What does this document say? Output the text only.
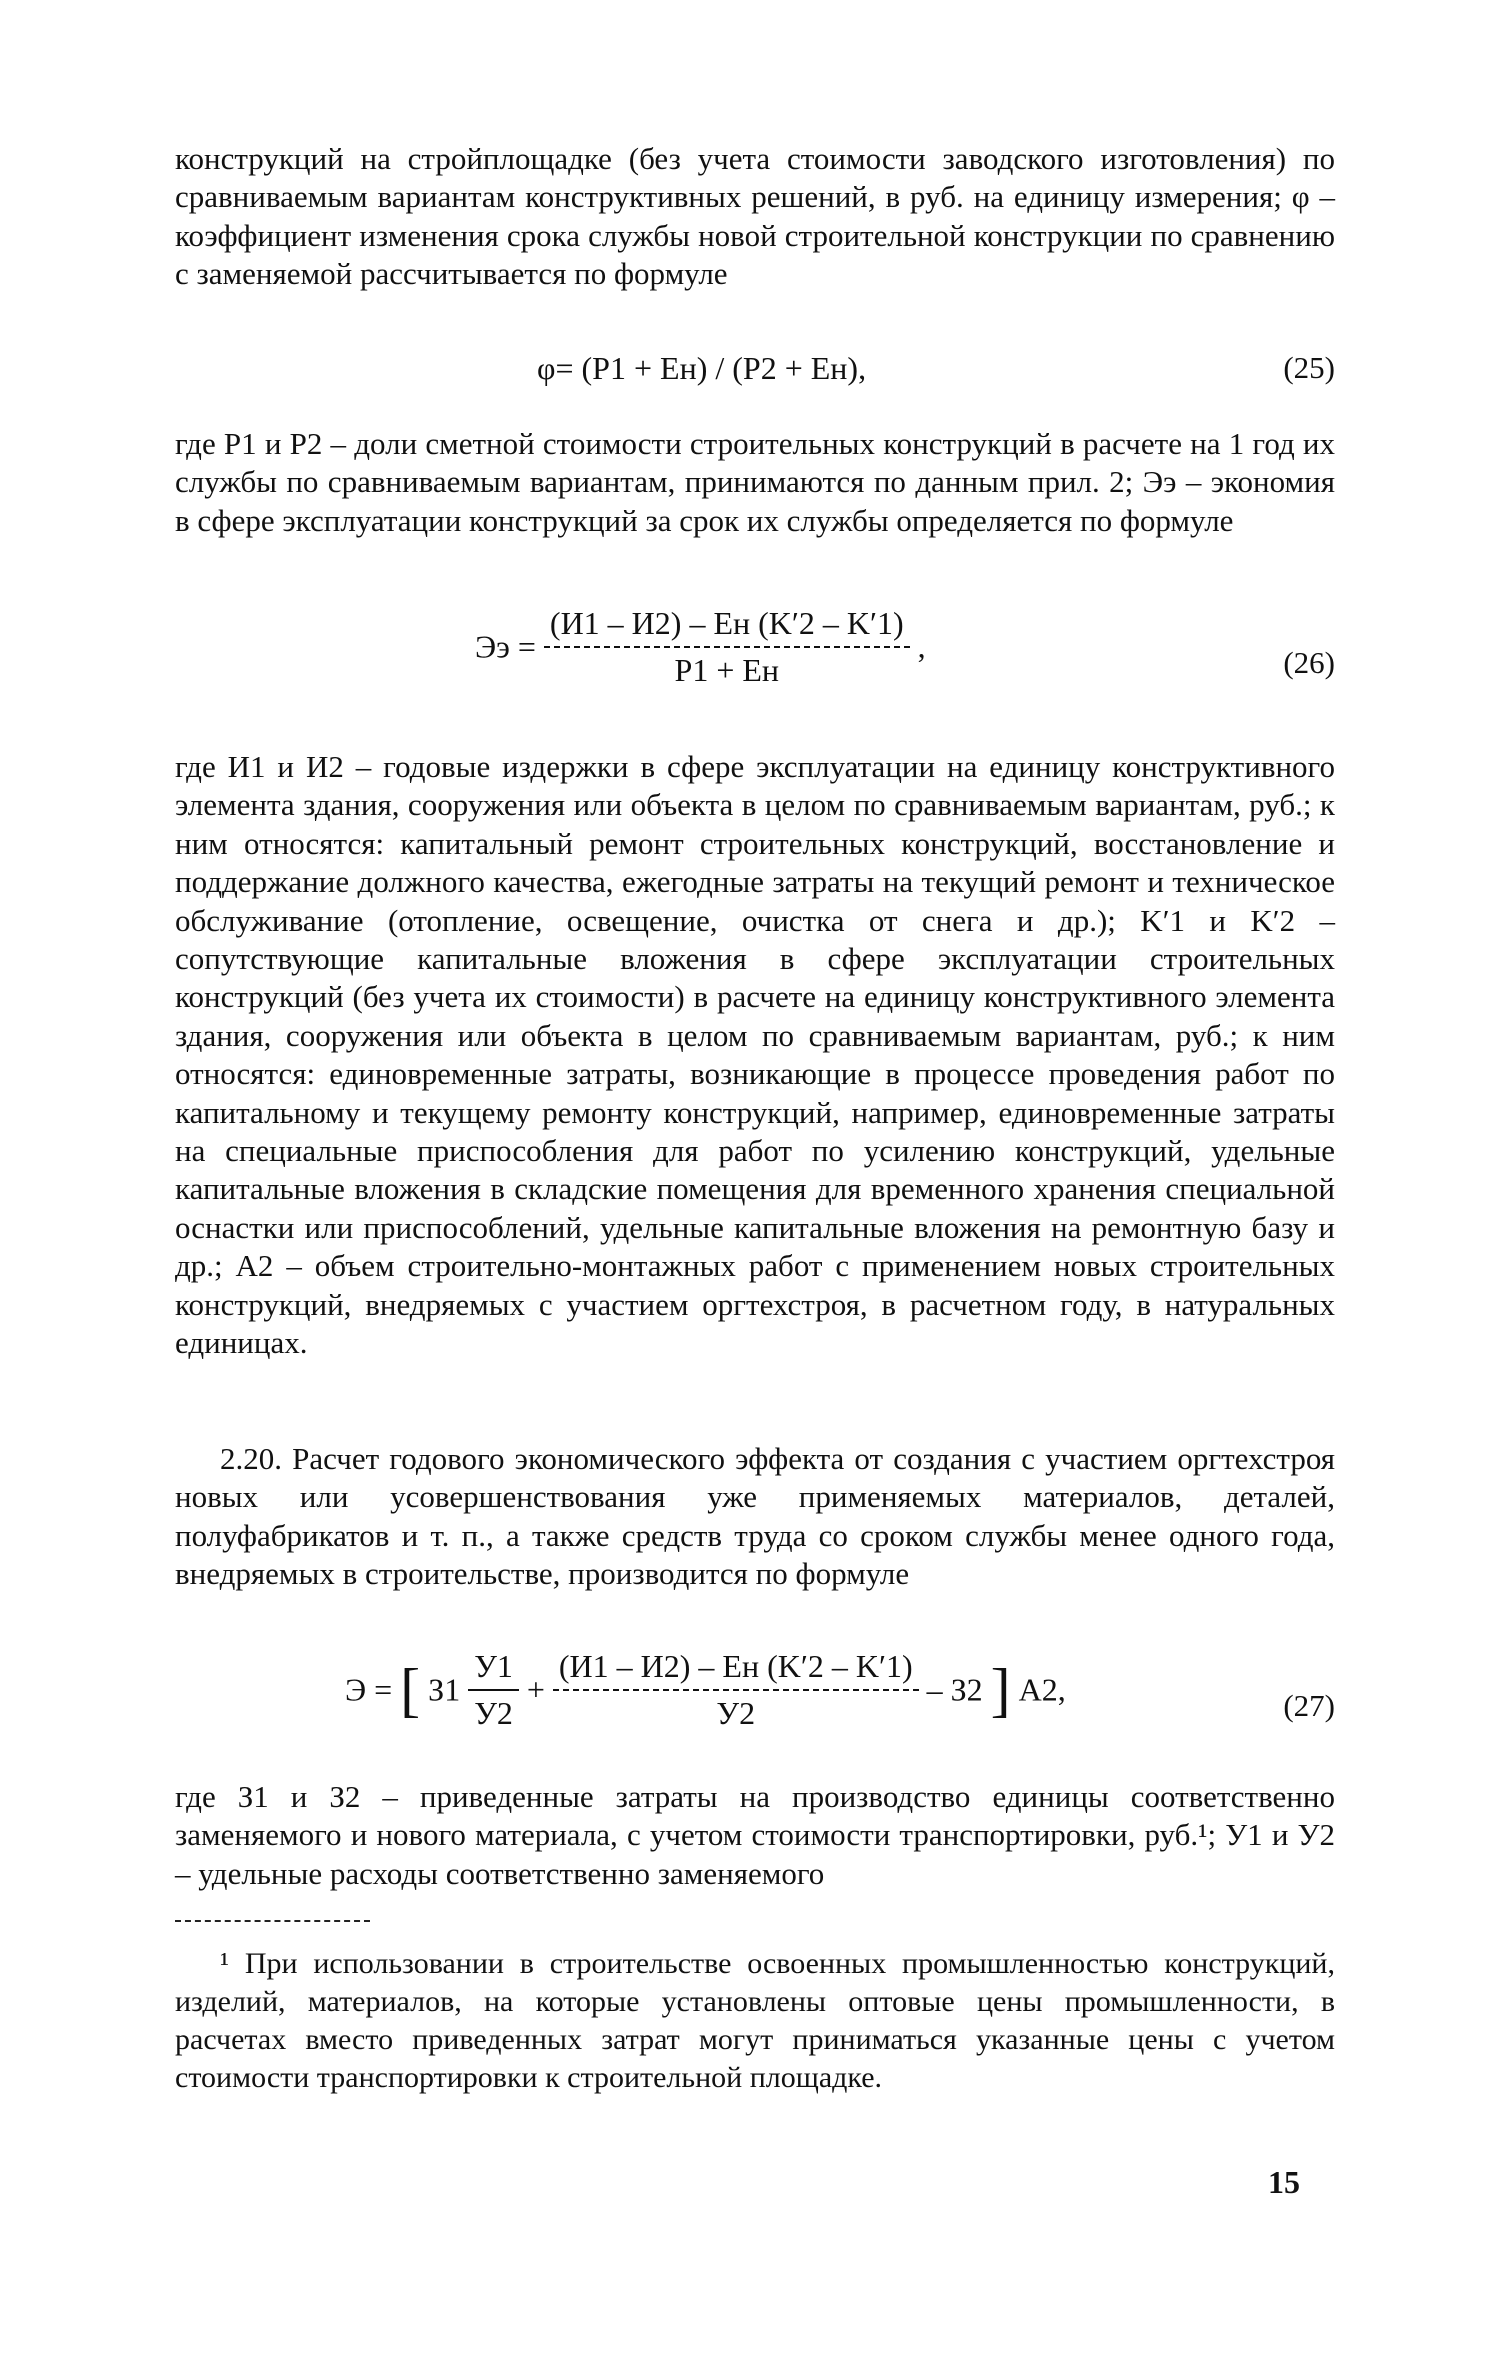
конструкций на стройплощадке (без учета стоимости заводского изготовления) по сравниваемым вариантам конструктивных решений, в руб. на единицу измерения; φ – коэффициент изменения срока службы новой строительной конструкции по сравнению с заменяемой рассчитывается по формуле

φ= (P1 + Eн) / (P2 + Eн),	(25)

где P1 и P2 – доли сметной стоимости строительных конструкций в расчете на 1 год их службы по сравниваемым вариантам, принимаются по данным прил. 2; Ээ – экономия в сфере эксплуатации конструкций за срок их службы определяется по формуле

Ээ = $\frac{(И1 - И2) - Eн (K'2 - K'1)}{P1 + Eн}$ ,	(26)

где И1 и И2 – годовые издержки в сфере эксплуатации на единицу конструктивного элемента здания, сооружения или объекта в целом по сравниваемым вариантам, руб.; к ним относятся: капитальный ремонт строительных конструкций, восстановление и поддержание должного качества, ежегодные затраты на текущий ремонт и техническое обслуживание (отопление, освещение, очистка от снега и др.); K′1 и K′2 – сопутствующие капитальные вложения в сфере эксплуатации строительных конструкций (без учета их стоимости) в расчете на единицу конструктивного элемента здания, сооружения или объекта в целом по сравниваемым вариантам, руб.; к ним относятся: единовременные затраты, возникающие в процессе проведения работ по капитальному и текущему ремонту конструкций, например, единовременные затраты на специальные приспособления для работ по усилению конструкций, удельные капитальные вложения в складские помещения для временного хранения специальной оснастки или приспособлений, удельные капитальные вложения на ремонтную базу и др.; A2 – объем строительно-монтажных работ с применением новых строительных конструкций, внедряемых с участием оргтехстроя, в расчетном году, в натуральных единицах.

2.20. Расчет годового экономического эффекта от создания с участием оргтехстроя новых или усовершенствования уже применяемых материалов, деталей, полуфабрикатов и т. п., а также средств труда со сроком службы менее одного года, внедряемых в строительстве, производится по формуле

Э = [ $З1 \frac{У1}{У2} + \frac{(И1 - И2) - Eн (K'2 - K'1)}{У2} - З2$ ] A2,	(27)

где З1 и З2 – приведенные затраты на производство единицы соответственно заменяемого и нового материала, с учетом стоимости транспортировки, руб.¹; У1 и У2 – удельные расходы соответственно заменяемого

¹ При использовании в строительстве освоенных промышленностью конструкций, изделий, материалов, на которые установлены оптовые цены промышленности, в расчетах вместо приведенных затрат могут приниматься указанные цены с учетом стоимости транспортировки к строительной площадке.

15
